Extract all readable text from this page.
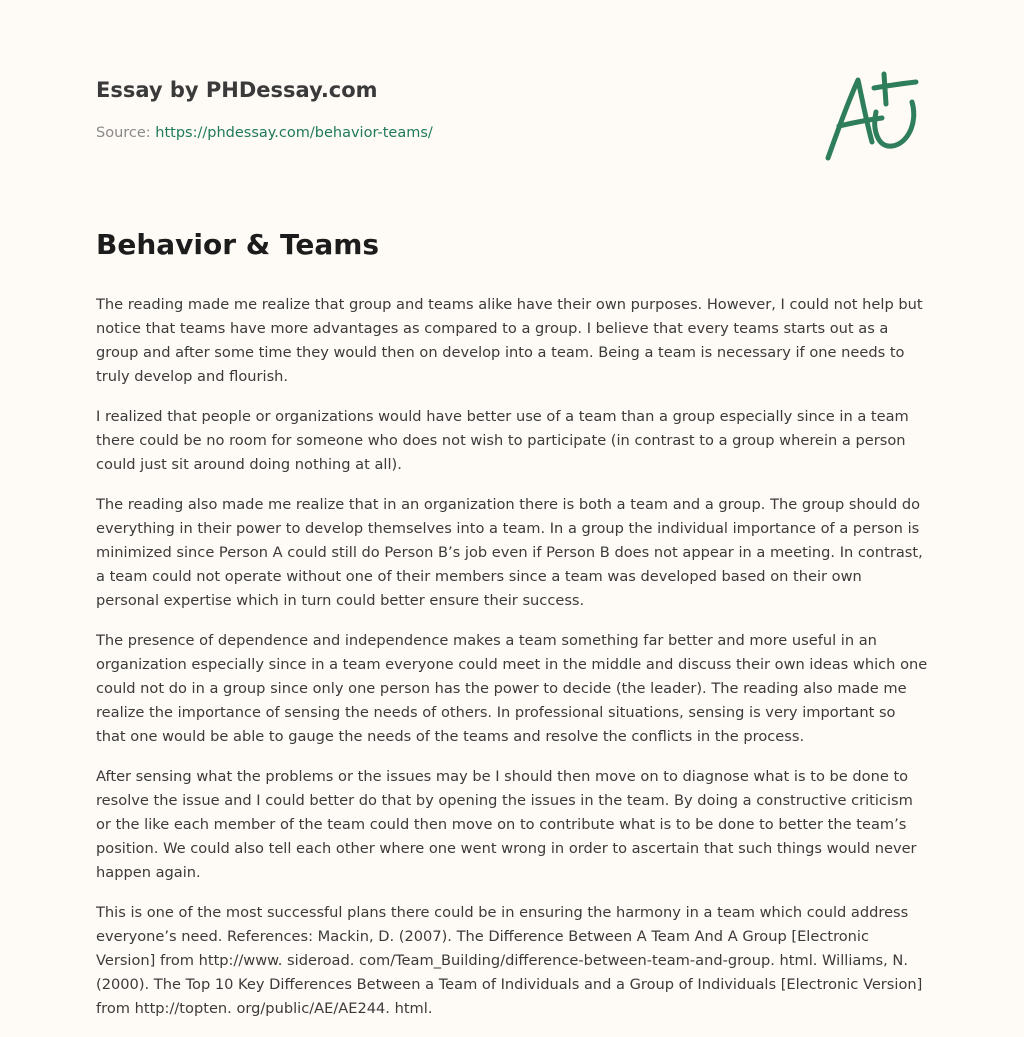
Essay by PHDessay.com
Source: https://phdessay.com/behavior-teams/
Behavior & Teams

The reading made me realize that group and teams alike have their own purposes. However, I could not help but notice that teams have more advantages as compared to a group. I believe that every teams starts out as a group and after some time they would then on develop into a team. Being a team is necessary if one needs to truly develop and flourish.

I realized that people or organizations would have better use of a team than a group especially since in a team there could be no room for someone who does not wish to participate (in contrast to a group wherein a person could just sit around doing nothing at all).

The reading also made me realize that in an organization there is both a team and a group. The group should do everything in their power to develop themselves into a team. In a group the individual importance of a person is minimized since Person A could still do Person B’s job even if Person B does not appear in a meeting. In contrast, a team could not operate without one of their members since a team was developed based on their own personal expertise which in turn could better ensure their success.

The presence of dependence and independence makes a team something far better and more useful in an organization especially since in a team everyone could meet in the middle and discuss their own ideas which one could not do in a group since only one person has the power to decide (the leader). The reading also made me realize the importance of sensing the needs of others. In professional situations, sensing is very important so that one would be able to gauge the needs of the teams and resolve the conflicts in the process.

After sensing what the problems or the issues may be I should then move on to diagnose what is to be done to resolve the issue and I could better do that by opening the issues in the team. By doing a constructive criticism or the like each member of the team could then move on to contribute what is to be done to better the team’s position. We could also tell each other where one went wrong in order to ascertain that such things would never happen again.

This is one of the most successful plans there could be in ensuring the harmony in a team which could address everyone’s need. References: Mackin, D. (2007). The Difference Between A Team And A Group [Electronic Version] from http://www. sideroad. com/Team_Building/difference-between-team-and-group. html. Williams, N. (2000). The Top 10 Key Differences Between a Team of Individuals and a Group of Individuals [Electronic Version] from http://topten. org/public/AE/AE244. html.
